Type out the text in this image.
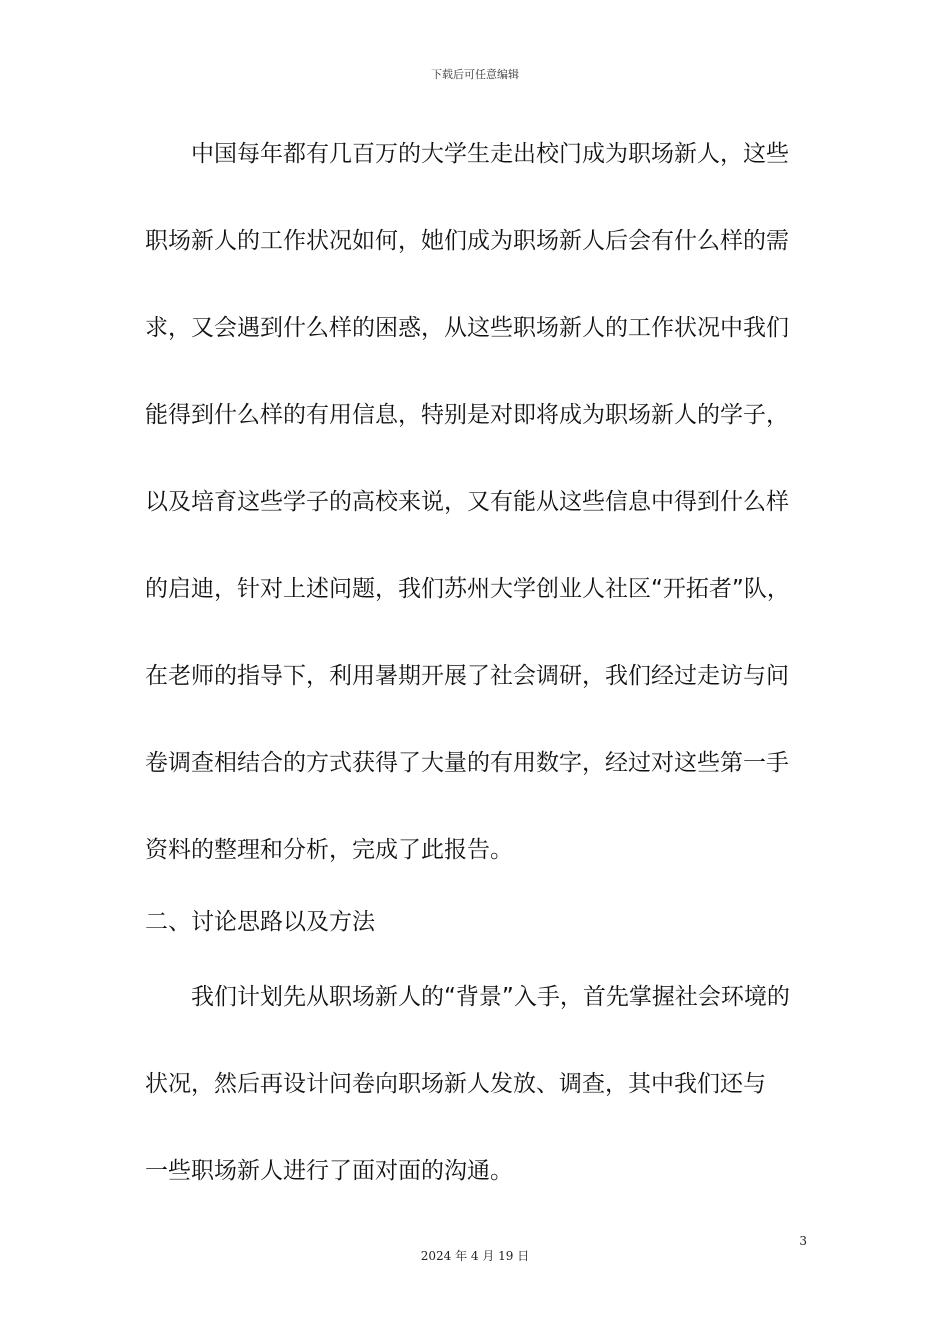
下载后可任意编辑
中国每年都有几百万的大学生走出校门成为职场新人，这些
职场新人的工作状况如何，她们成为职场新人后会有什么样的需
求，又会遇到什么样的困惑，从这些职场新人的工作状况中我们
能得到什么样的有用信息，特别是对即将成为职场新人的学子，
以及培育这些学子的高校来说，又有能从这些信息中得到什么样
的启迪，针对上述问题，我们苏州大学创业人社区“开拓者”队，
在老师的指导下，利用暑期开展了社会调研，我们经过走访与问
卷调查相结合的方式获得了大量的有用数字，经过对这些第一手
资料的整理和分析，完成了此报告。
二、讨论思路以及方法
我们计划先从职场新人的“背景”入手，首先掌握社会环境的
状况，然后再设计问卷向职场新人发放、调查，其中我们还与
一些职场新人进行了面对面的沟通。
3
2024 年 4 月 19 日
